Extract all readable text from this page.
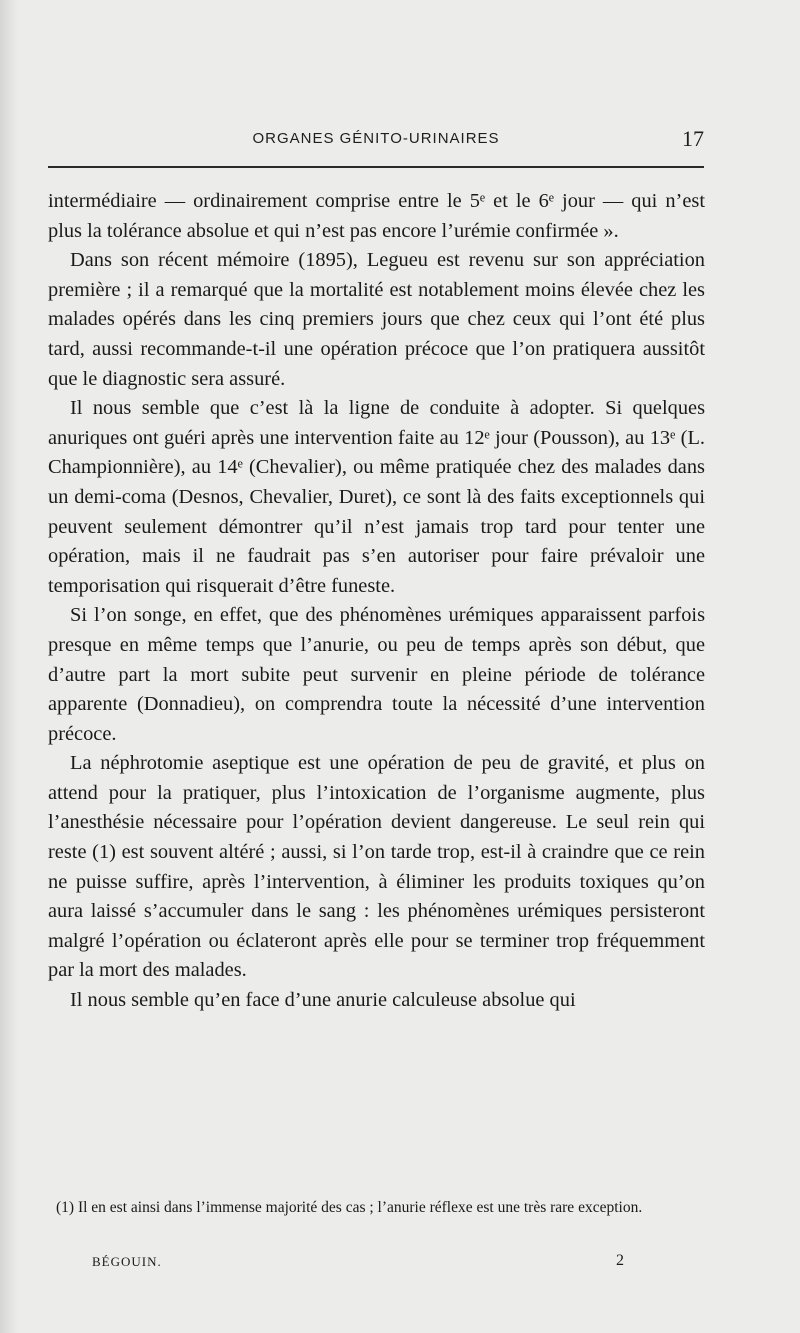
ORGANES GÉNITO-URINAIRES	17

intermédiaire — ordinairement comprise entre le 5ᵉ et le 6ᵉ jour — qui n’est plus la tolérance absolue et qui n’est pas encore l’urémie confirmée ».

Dans son récent mémoire (1895), Legueu est revenu sur son appréciation première ; il a remarqué que la mortalité est notablement moins élevée chez les malades opérés dans les cinq premiers jours que chez ceux qui l’ont été plus tard, aussi recommande-t-il une opération précoce que l’on pratiquera aussitôt que le diagnostic sera assuré.

Il nous semble que c’est là la ligne de conduite à adopter. Si quelques anuriques ont guéri après une intervention faite au 12ᵉ jour (Pousson), au 13ᵉ (L. Championnière), au 14ᵉ (Chevalier), ou même pratiquée chez des malades dans un demi-coma (Desnos, Chevalier, Duret), ce sont là des faits exceptionnels qui peuvent seulement démontrer qu’il n’est jamais trop tard pour tenter une opération, mais il ne faudrait pas s’en autoriser pour faire prévaloir une temporisation qui risquerait d’être funeste.

Si l’on songe, en effet, que des phénomènes urémiques apparaissent parfois presque en même temps que l’anurie, ou peu de temps après son début, que d’autre part la mort subite peut survenir en pleine période de tolérance apparente (Donnadieu), on comprendra toute la nécessité d’une intervention précoce.

La néphrotomie aseptique est une opération de peu de gravité, et plus on attend pour la pratiquer, plus l’intoxication de l’organisme augmente, plus l’anesthésie nécessaire pour l’opération devient dangereuse. Le seul rein qui reste (1) est souvent altéré ; aussi, si l’on tarde trop, est-il à craindre que ce rein ne puisse suffire, après l’intervention, à éliminer les produits toxiques qu’on aura laissé s’accumuler dans le sang : les phénomènes urémiques persisteront malgré l’opération ou éclateront après elle pour se terminer trop fréquemment par la mort des malades.

Il nous semble qu’en face d’une anurie calculeuse absolue qui

(1) Il en est ainsi dans l’immense majorité des cas ; l’anurie réflexe est une très rare exception.
BÉGOUIN.	2
